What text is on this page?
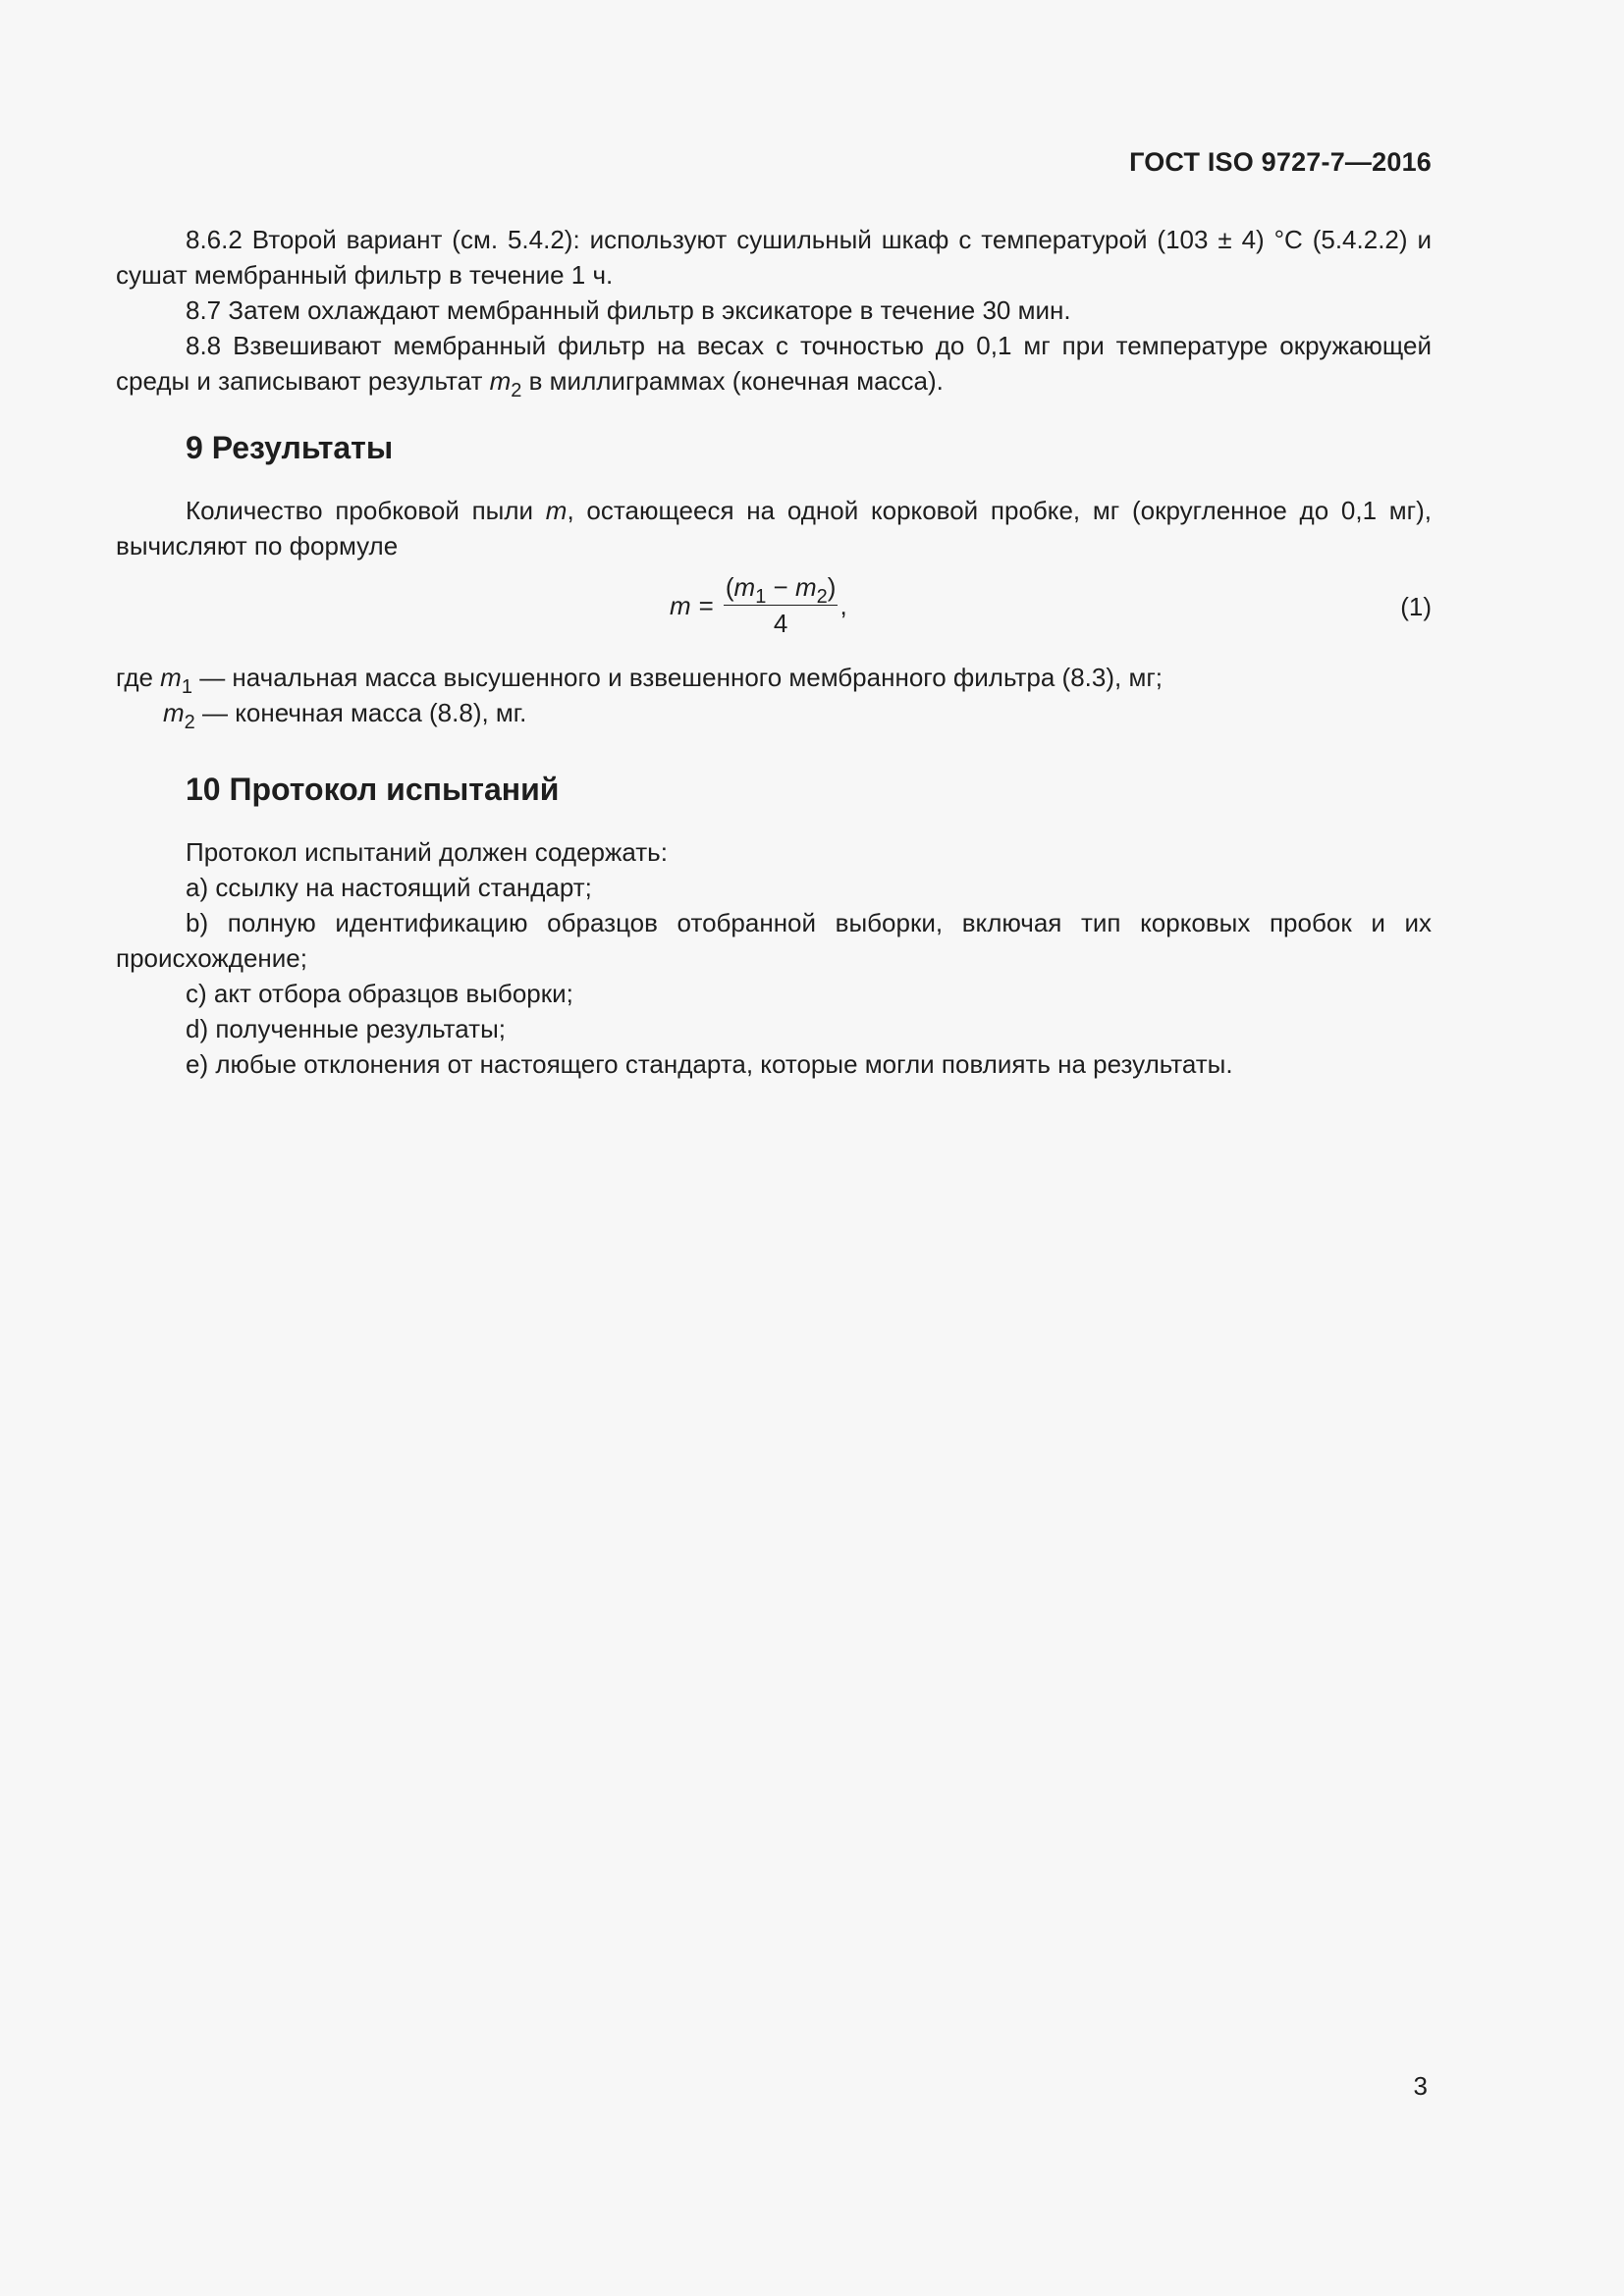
ГОСТ ISO 9727-7—2016

8.6.2 Второй вариант (см. 5.4.2): используют сушильный шкаф с температурой (103 ± 4) °С (5.4.2.2) и сушат мембранный фильтр в течение 1 ч.

8.7 Затем охлаждают мембранный фильтр в эксикаторе в течение 30 мин.

8.8 Взвешивают мембранный фильтр на весах с точностью до 0,1 мг при температуре окружающей среды и записывают результат $m_2$ в миллиграммах (конечная масса).

9 Результаты

Количество пробковой пыли m, остающееся на одной корковой пробке, мг (округленное до 0,1 мг), вычисляют по формуле

$m = \frac{(m_1 - m_2)}{4}$ ,	(1)

где $m_1$ — начальная масса высушенного и взвешенного мембранного фильтра (8.3), мг;

$m_2$ — конечная масса (8.8), мг.

10 Протокол испытаний

Протокол испытаний должен содержать:

a) ссылку на настоящий стандарт;

b) полную идентификацию образцов отобранной выборки, включая тип корковых пробок и их происхождение;

c) акт отбора образцов выборки;

d) полученные результаты;

e) любые отклонения от настоящего стандарта, которые могли повлиять на результаты.

3
